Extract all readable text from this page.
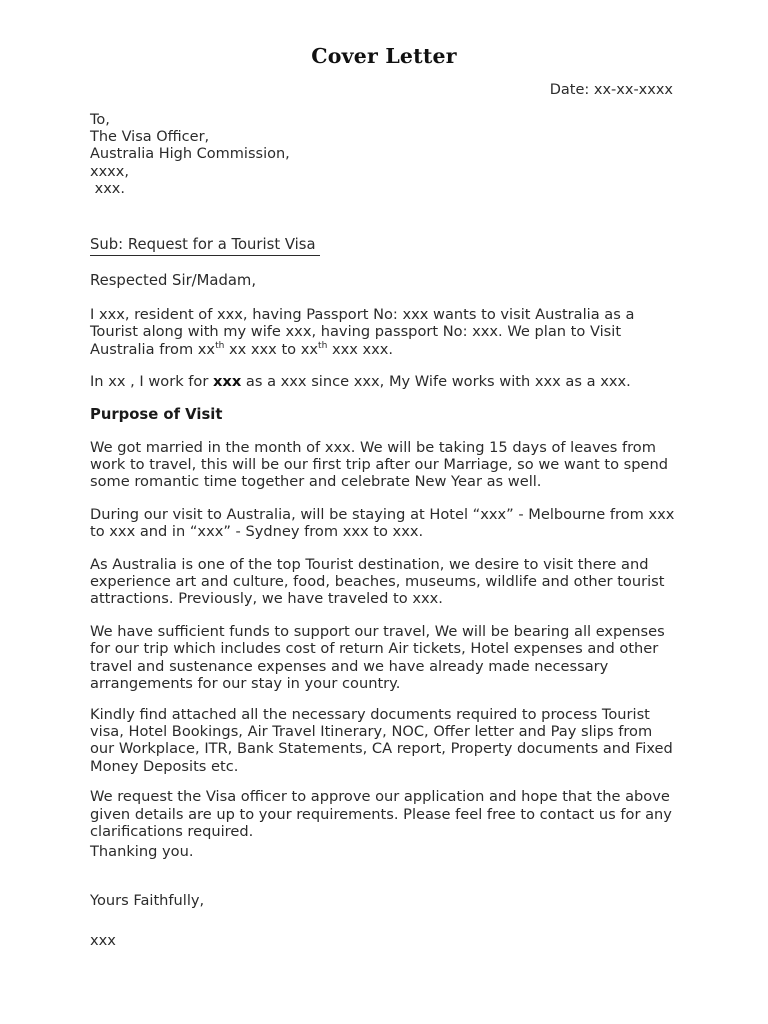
Cover Letter
Date: xx-xx-xxxx
To,
The Visa Officer,
Australia High Commission,
xxxx,
xxx.
Sub: Request for a Tourist Visa
Respected Sir/Madam,

I xxx, resident of xxx, having Passport No: xxx wants to visit Australia as a Tourist along with my wife xxx, having passport No: xxx. We plan to Visit Australia from $xx^{th}$ xx xxx to $xx^{th}$ xxx xxx.

In xx , I work for xxx as a xxx since xxx, My Wife works with xxx as a xxx.

Purpose of Visit

We got married in the month of xxx. We will be taking 15 days of leaves from work to travel, this will be our first trip after our Marriage, so we want to spend some romantic time together and celebrate New Year as well.

During our visit to Australia, will be staying at Hotel “xxx” - Melbourne from xxx to xxx and in “xxx” - Sydney from xxx to xxx.

As Australia is one of the top Tourist destination, we desire to visit there and experience art and culture, food, beaches, museums, wildlife and other tourist attractions. Previously, we have traveled to xxx.

We have sufficient funds to support our travel, We will be bearing all expenses for our trip which includes cost of return Air tickets, Hotel expenses and other travel and sustenance expenses and we have already made necessary arrangements for our stay in your country.

Kindly find attached all the necessary documents required to process Tourist visa, Hotel Bookings, Air Travel Itinerary, NOC, Offer letter and Pay slips from our Workplace, ITR, Bank Statements, CA report, Property documents and Fixed Money Deposits etc.

We request the Visa officer to approve our application and hope that the above given details are up to your requirements. Please feel free to contact us for any clarifications required.

Thanking you.
Yours Faithfully,
xxx
